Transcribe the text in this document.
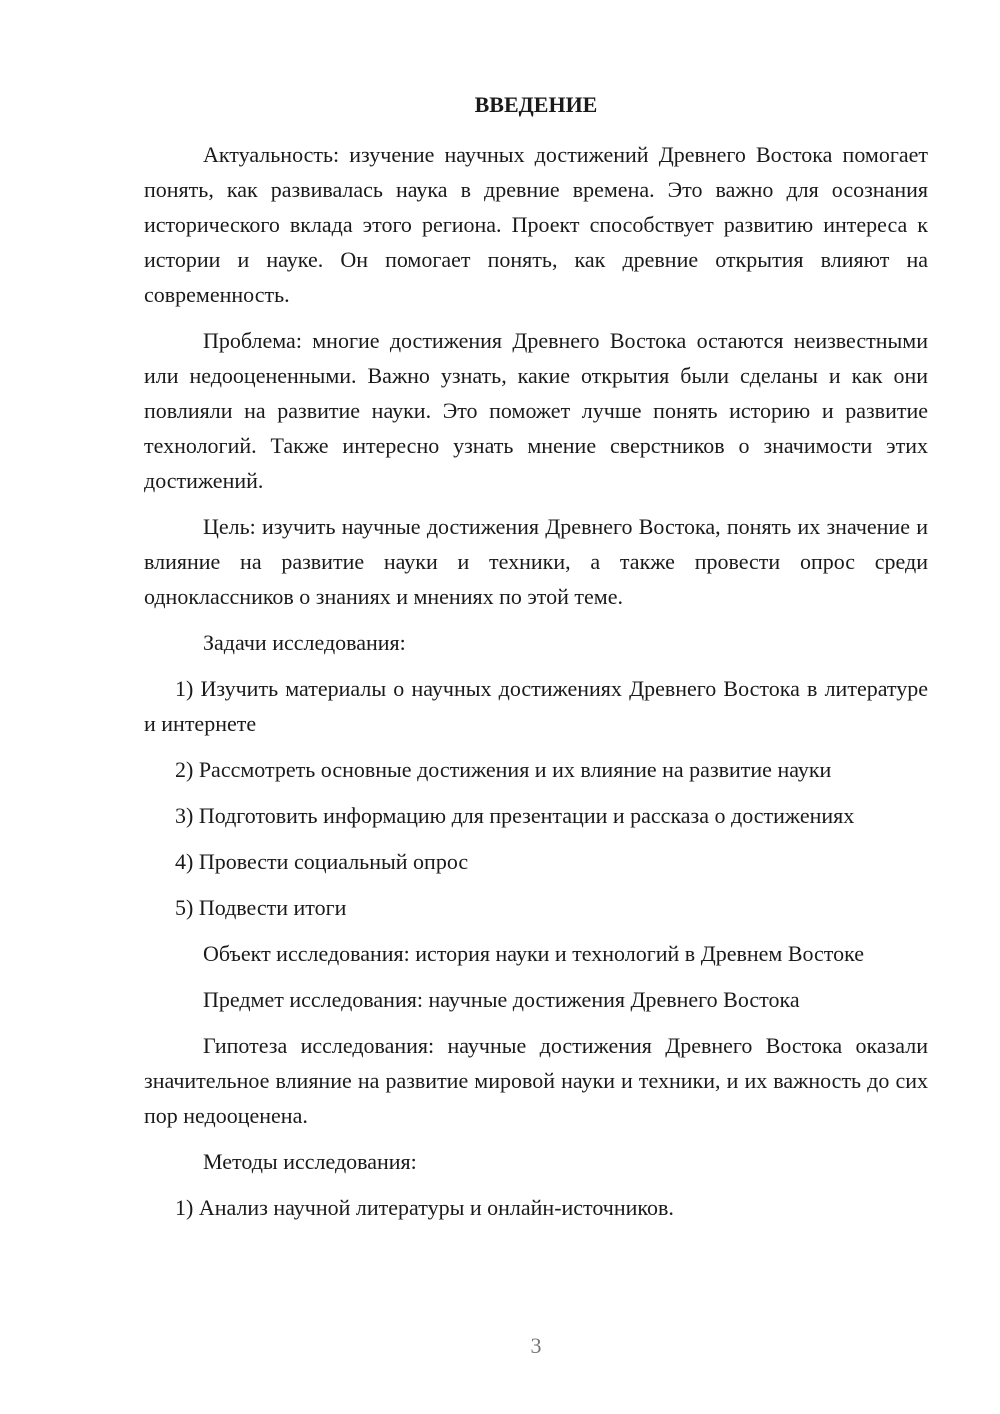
ВВЕДЕНИЕ

Актуальность: изучение научных достижений Древнего Востока помогает понять, как развивалась наука в древние времена. Это важно для осознания исторического вклада этого региона. Проект способствует развитию интереса к истории и науке. Он помогает понять, как древние открытия влияют на современность.

Проблема: многие достижения Древнего Востока остаются неизвестными или недооцененными. Важно узнать, какие открытия были сделаны и как они повлияли на развитие науки. Это поможет лучше понять историю и развитие технологий. Также интересно узнать мнение сверстников о значимости этих достижений.

Цель: изучить научные достижения Древнего Востока, понять их значение и влияние на развитие науки и техники, а также провести опрос среди одноклассников о знаниях и мнениях по этой теме.

Задачи исследования:

1) Изучить материалы о научных достижениях Древнего Востока в литературе и интернете

2) Рассмотреть основные достижения и их влияние на развитие науки

3) Подготовить информацию для презентации и рассказа о достижениях

4) Провести социальный опрос

5) Подвести итоги

Объект исследования: история науки и технологий в Древнем Востоке

Предмет исследования: научные достижения Древнего Востока

Гипотеза исследования: научные достижения Древнего Востока оказали значительное влияние на развитие мировой науки и техники, и их важность до сих пор недооценена.

Методы исследования:

1) Анализ научной литературы и онлайн-источников.

3
